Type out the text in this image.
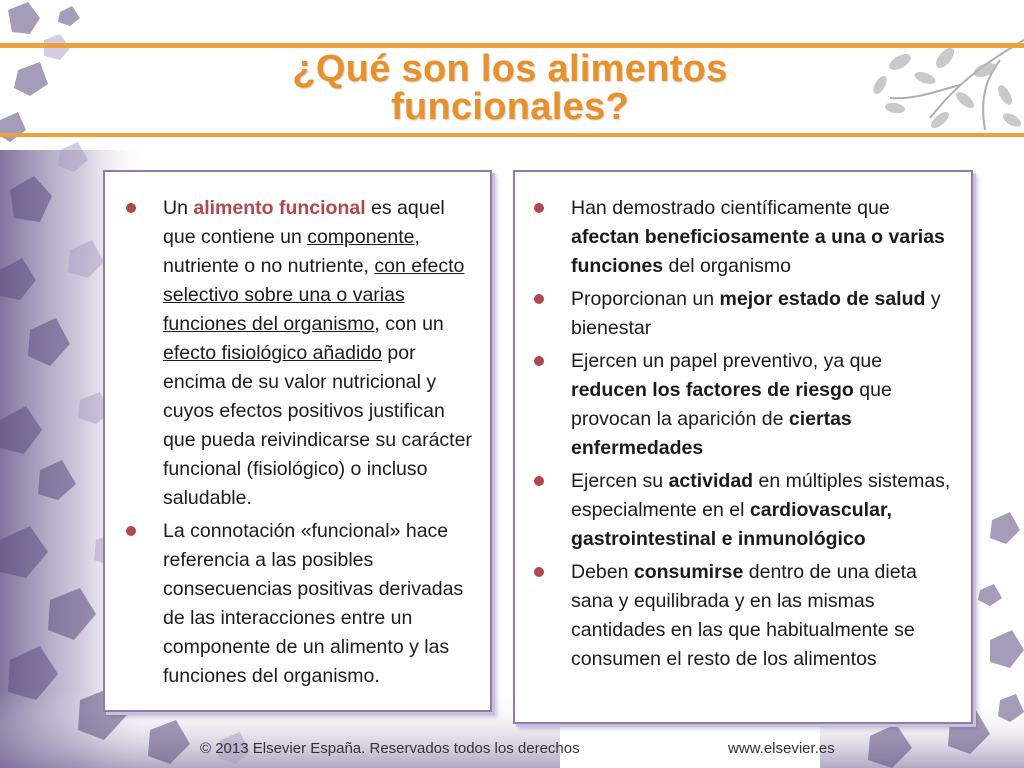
¿Qué son los alimentos
funcionales?
Un alimento funcional es aquel que contiene un componente, nutriente o no nutriente, con efecto selectivo sobre una o varias funciones del organismo, con un efecto fisiológico añadido por encima de su valor nutricional y cuyos efectos positivos justifican que pueda reivindicarse su carácter funcional (fisiológico) o incluso saludable.
La connotación «funcional» hace referencia a las posibles consecuencias positivas derivadas de las interacciones entre un componente de un alimento y las funciones del organismo.
Han demostrado científicamente que afectan beneficiosamente a una o varias funciones del organismo
Proporcionan un mejor estado de salud y bienestar
Ejercen un papel preventivo, ya que reducen los factores de riesgo que provocan la aparición de ciertas enfermedades
Ejercen su actividad en múltiples sistemas, especialmente en el cardiovascular, gastrointestinal e inmunológico
Deben consumirse dentro de una dieta sana y equilibrada y en las mismas cantidades en las que habitualmente se consumen el resto de los alimentos
© 2013 Elsevier España. Reservados todos los derechos	www.elsevier.es
